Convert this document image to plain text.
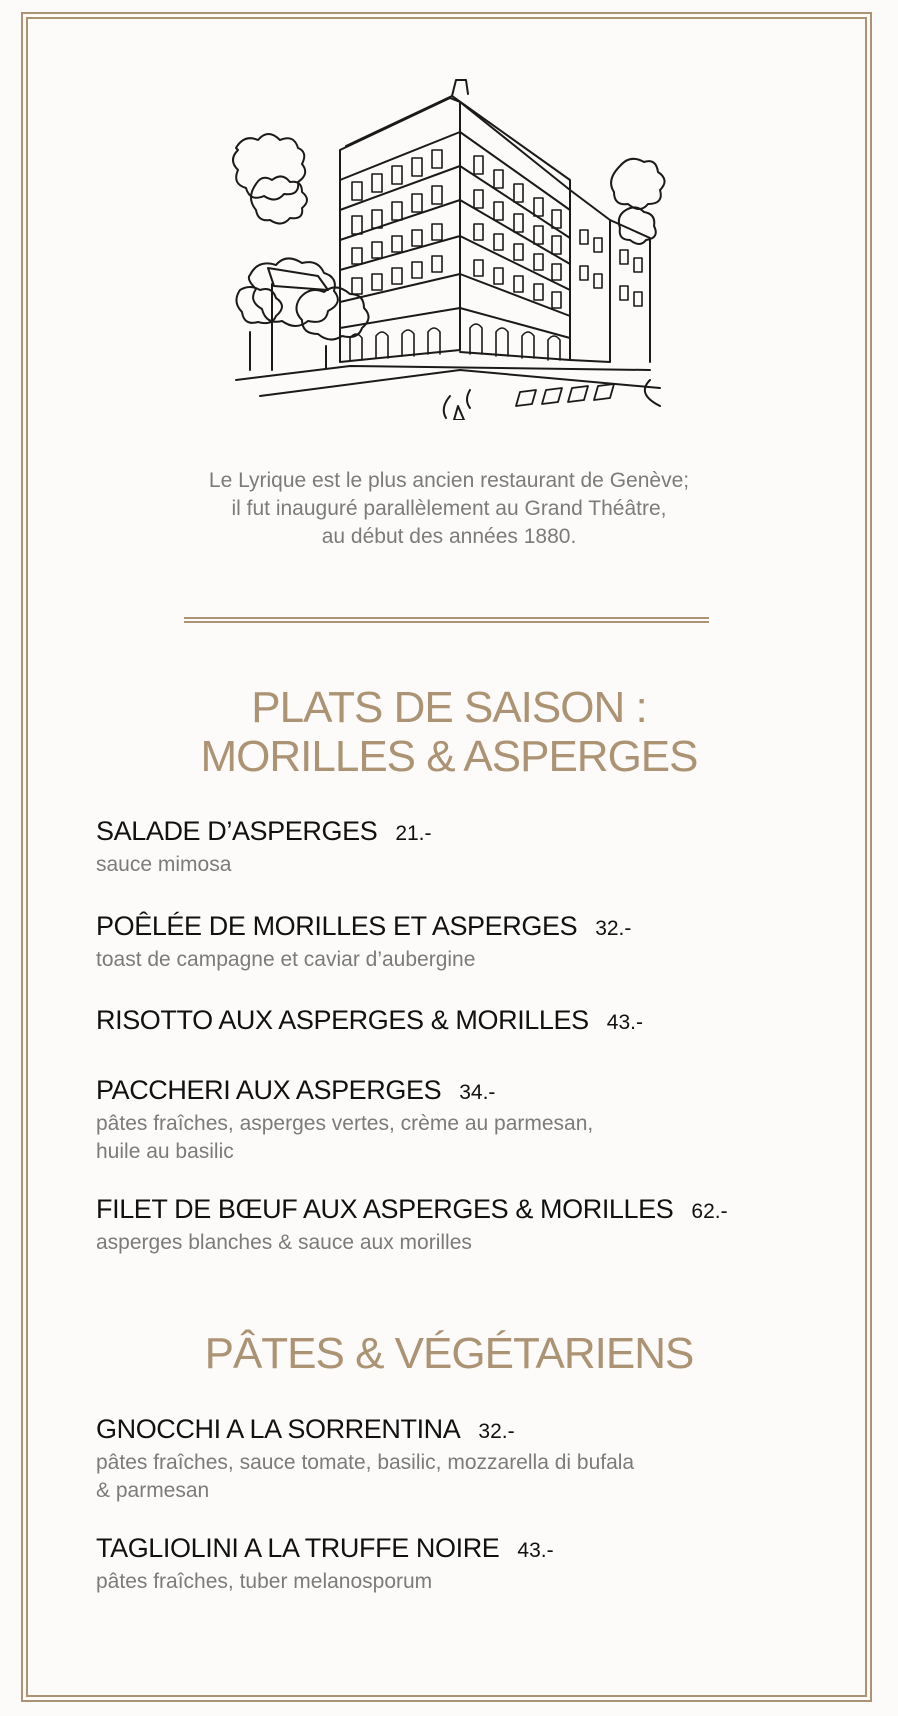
Le Lyrique est le plus ancien restaurant de Genève;
il fut inauguré parallèlement au Grand Théâtre,
au début des années 1880.
PLATS DE SAISON :
MORILLES & ASPERGES
SALADE D’ASPERGES 21.-
sauce mimosa
POÊLÉE DE MORILLES ET ASPERGES 32.-
toast de campagne et caviar d’aubergine
RISOTTO AUX ASPERGES & MORILLES 43.-
PACCHERI AUX ASPERGES 34.-
pâtes fraîches, asperges vertes, crème au parmesan,
huile au basilic
FILET DE BŒUF AUX ASPERGES & MORILLES 62.-
asperges blanches & sauce aux morilles
PÂTES & VÉGÉTARIENS
GNOCCHI A LA SORRENTINA 32.-
pâtes fraîches, sauce tomate, basilic, mozzarella di bufala
& parmesan
TAGLIOLINI A LA TRUFFE NOIRE 43.-
pâtes fraîches, tuber melanosporum
